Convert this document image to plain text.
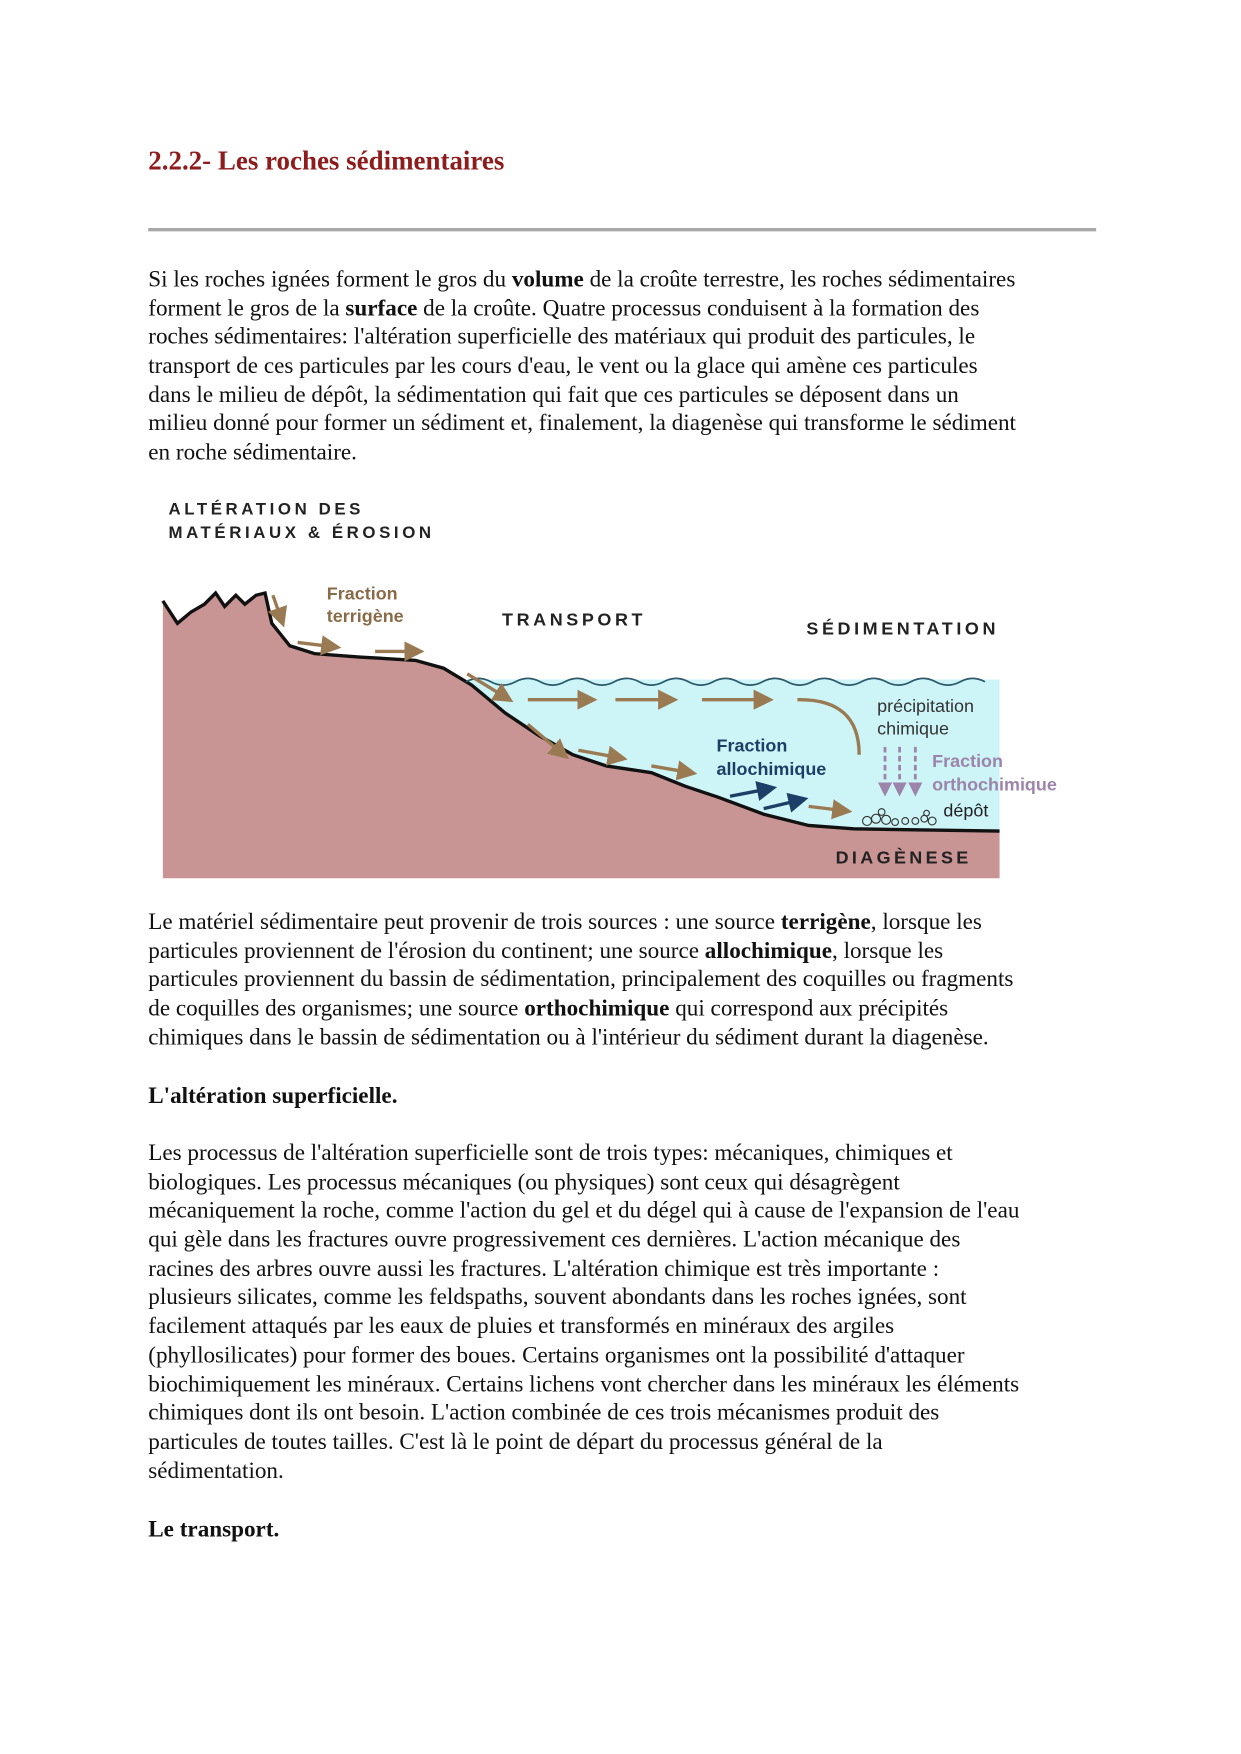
2.2.2- Les roches sédimentaires
Si les roches ignées forment le gros du volume de la croûte terrestre, les roches sédimentaires
forment le gros de la surface de la croûte. Quatre processus conduisent à la formation des
roches sédimentaires: l'altération superficielle des matériaux qui produit des particules, le
transport de ces particules par les cours d'eau, le vent ou la glace qui amène ces particules
dans le milieu de dépôt, la sédimentation qui fait que ces particules se déposent dans un
milieu donné pour former un sédiment et, finalement, la diagenèse qui transforme le sédiment
en roche sédimentaire.
ALTÉRATION DES
MATÉRIAUX & ÉROSION
Fraction
terrigène	TRANSPORT	SÉDIMENTATION
précipitation
chimique
Fraction
allochimique	Fraction
orthochimique
dépôt
DIAGÈNESE
Le matériel sédimentaire peut provenir de trois sources : une source terrigène, lorsque les
particules proviennent de l'érosion du continent; une source allochimique, lorsque les
particules proviennent du bassin de sédimentation, principalement des coquilles ou fragments
de coquilles des organismes; une source orthochimique qui correspond aux précipités
chimiques dans le bassin de sédimentation ou à l'intérieur du sédiment durant la diagenèse.
L'altération superficielle.
Les processus de l'altération superficielle sont de trois types: mécaniques, chimiques et
biologiques. Les processus mécaniques (ou physiques) sont ceux qui désagrègent
mécaniquement la roche, comme l'action du gel et du dégel qui à cause de l'expansion de l'eau
qui gèle dans les fractures ouvre progressivement ces dernières. L'action mécanique des
racines des arbres ouvre aussi les fractures. L'altération chimique est très importante :
plusieurs silicates, comme les feldspaths, souvent abondants dans les roches ignées, sont
facilement attaqués par les eaux de pluies et transformés en minéraux des argiles
(phyllosilicates) pour former des boues. Certains organismes ont la possibilité d'attaquer
biochimiquement les minéraux. Certains lichens vont chercher dans les minéraux les éléments
chimiques dont ils ont besoin. L'action combinée de ces trois mécanismes produit des
particules de toutes tailles. C'est là le point de départ du processus général de la
sédimentation.
Le transport.
